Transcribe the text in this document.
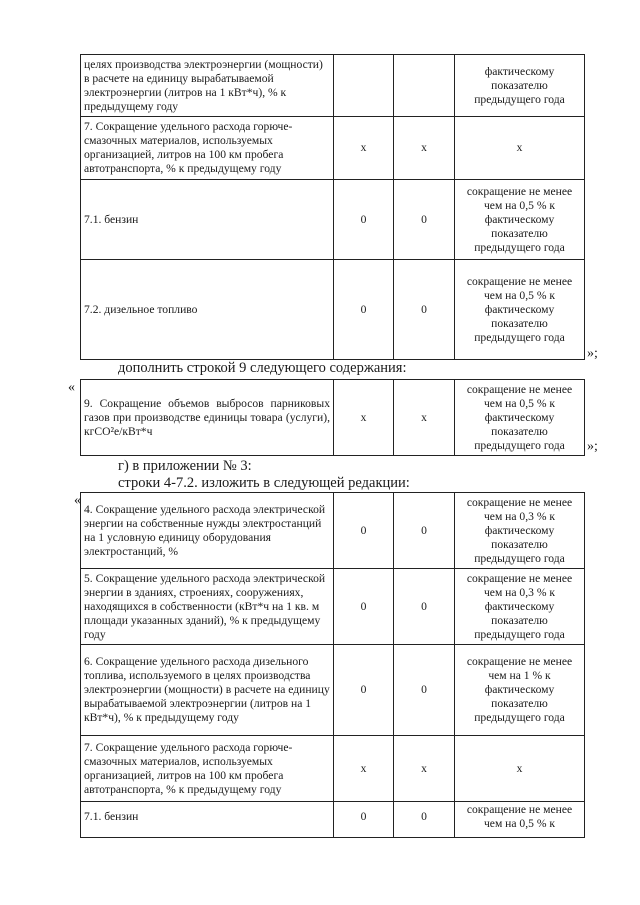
целях производства электроэнергии (мощности) в расчете на единицу вырабатываемой электроэнергии (литров на 1 кВт*ч), % к предыдущему году			фактическому показателю предыдущего года
7. Сокращение удельного расхода горюче-смазочных материалов, используемых организацией, литров на 100 км пробега автотранспорта, % к предыдущему году	x	x	x
7.1. бензин	0	0	сокращение не менее чем на 0,5 % к фактическому показателю предыдущего года
7.2. дизельное топливо	0	0	сокращение не менее чем на 0,5 % к фактическому показателю предыдущего года
»;
дополнить строкой 9 следующего содержания:
«
9. Сокращение объемов выбросов парниковых газов при производстве единицы товара (услуги), кгСО²е/кВт*ч	x	x	сокращение не менее чем на 0,5 % к фактическому показателю предыдущего года »;
г) в приложении № 3:
строки 4-7.2. изложить в следующей редакции:
«
4. Сокращение удельного расхода электрической энергии на собственные нужды электростанций на 1 условную единицу оборудования электростанций, %	0	0	сокращение не менее чем на 0,3 % к фактическому показателю предыдущего года
5. Сокращение удельного расхода электрической энергии в зданиях, строениях, сооружениях, находящихся в собственности (кВт*ч на 1 кв. м площади указанных зданий), % к предыдущему году	0	0	сокращение не менее чем на 0,3 % к фактическому показателю предыдущего года
6. Сокращение удельного расхода дизельного топлива, используемого в целях производства электроэнергии (мощности) в расчете на единицу вырабатываемой электроэнергии (литров на 1 кВт*ч), % к предыдущему году	0	0	сокращение не менее чем на 1 % к фактическому показателю предыдущего года
7. Сокращение удельного расхода горюче-смазочных материалов, используемых организацией, литров на 100 км пробега автотранспорта, % к предыдущему году	x	x	x
7.1. бензин	0	0	сокращение не менее чем на 0,5 % к
